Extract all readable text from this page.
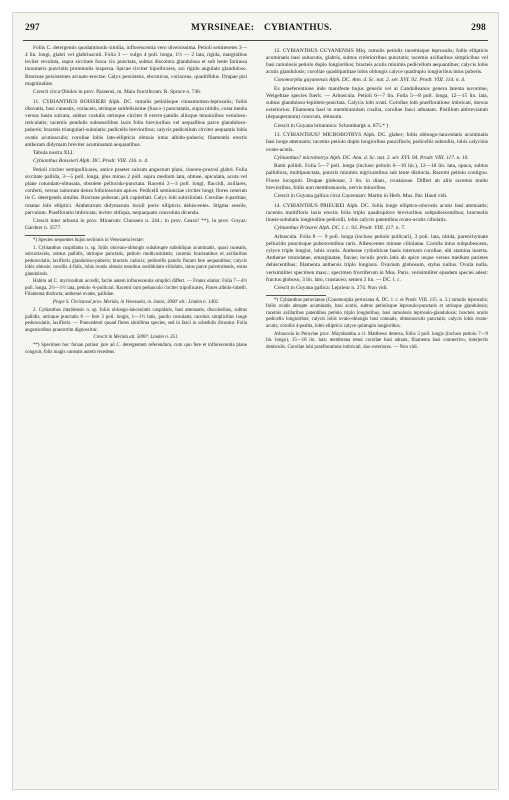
297	MYRSINEAE: CYBIANTHUS.	298

Foliis C. detergentis quodammodo similia, inflorescentia vero diversissima. Petioli semiteretes 3—4 lin. longi, glabri vel glabriusculi. Folia 3 — vulgo 4 poll. longa, 1½ — 2 lata, rigida, marginibus leviter revoluta, supra siccitate fusca vix punctata, subtus discolora glandulosa et sub lente farinosa innumeris punctulis prominulis inspersa. Spicae circiter bipollicares, axi rigido angulato glanduloso. Bracteae persistentes arcuato-erectae. Calyx persistens, ebconicus, coriaceus, quadrifidus. Drupae pisi magnitudine.

Crescit circa Obidos in prov. Paraensi, m. Maio fructiferam: R. Spruce n. 746.

11. CYBIANTHUS BOISSIERI Alph. DC. ramulis petiolisque cinnamomeo-leprosulis; foliis obovatis, basi cuneatis, coriaceis, utrinque subfellsisime (fusco-) punctatatis, supra nitidis, costa media versus basin sulcata, subtus costulis utrinque circiter 8 erecto-patulis aliisque tenuioribus venuloso-reticulatis; racemis pendulis subsessilibus laxis folio brevioribus vel aequalibus parce glanduloso-puberis; bracteis triangulari-subulatis; pedicello brevioribus; calycis pedicellum circiter aequantis lobis ovatis acutiusculis; corollae lobis lato-ellipticis obtusis intus albido-puberis; filamentis erectis antheram didymam breviter acuminatam aequantibus.

Tabula nostra XLI.

Cybianthus Boissieri Alph. DC. Prodr. VIII. 116. n. 4.

Petioli circiter semipollicares, antice praeter sulcum angustum plani, cinereo-prurosi glabri. Folia siccitate pallida, 3—5 poll. longa, plus minus 2 poll. supra medium lata, obtuse, apiculata, acuta vel plane rotundato-obtusata, obsolete pellucido-punctata. Racemi 2—3 poll. longi, flaccidi, axillares, conferti, versus ramorum denes foliolosorum apices. Pedicelli semiunciae circiter longi; flores ceterum iis C. detergentis similes. Bracteae puberae; pili capitellati. Calyx lobi subciliolati. Corollae 4-partitae, rotatae lobi elliptici. Antherarum didymarum loculi porie ellipticis dehiscentes. Stigma sessile, parvulum. Praefloratio imbricata; leviter obliqua, nequaquam convoluta dicenda.

Crescit inter arbusta in prov. Minarum: Claussen n. 244.; in prov. Ceara? **), in prov. Goyaz: Gardner n. 3577.

*) Species sequentes hujus sectionis in Venezuela lectae:

1. Cybianthus cuspidatus n. sp. foliis obovato-oblongis subabrupte subobliquo acuminatis, quasi cuneatis, subcoriaceis, subtus pallidis, utrinque punctatis, petiolo multicostulatis; racemis bracteatibus et axillaribus pedunculatis, laxifloris glanduloso-puberis; bracteis caducis; pedicellis patulis floram fere aequantibus; calycis lobis obtusis; corollis 4-fidis, lobis ovatis obtusis tenuibus sordidulato-ciliolatis, intus parce pulverulentis, extus glandulosis.

Habitu ad C. myricoidum accedit, facile autem inflorescentia simplici differt. — Frutex elatior. Folia 7—4½ poll. longa, 2½—1½ lata, petiolo ¾-pollicari. Racemi cum pedunculo circiter tripollicares. Flores albido-rubelli. Filamenta distincta; antherae ovales, pallidae.

Prope S. Christoval prov. Merida, in Venezuela, m. Junio; 3000' alt.: Linden n. 1402.

2. Cybianthus meridensis n. sp. foliis oblongo-lanceolatis cuspidatis, basi attenuatis, discoloribus, subtus pallidis, utrinque punctatis 8 — fere 3 poll. longis, 1—1½ latis, paullo costulatis; racemis simplicibus longe pedunculatis, laxifloris. — Praecedenti quoad flores simillima species, sed in fasci in schedulis dicuntur. Folia angustioribus praecertim dignoscitur.

Crescit in Merida alt. 5000': Linden n. 351.

**) Specimen hoc forsan potiusr jure ad C. detergentem referendum, cum quo fere et inflorescentia plane congruit, folis magis cuneatis autem recedens.

12. CYBIANTHUS GUYANENSIS Miq. ramulis petiolis racemisque leprosulis; foliis ellipticis acuminatis basi subacutis, glabris, subtus crebriorribus punctatis; racemis axillaribus simplicibus vel basi ramulosis petiolo duplo longioribus; bracteis acutis minimis pedicellum aequantibus; calycis lobis acutis glandulosis; corollae quadripartitae lobis oblongis calyce quadruplo longioribus intus puberis.

Conomorpha guyanensis Alph. DC. Ann. d. Sc. nat. 2. sér. XVI. 92. Prodr. VIII. 114. n. 4.

Ex praeferentione inde manifeste hujus generis vel ai Candolleanus genera latenta novumne, Weigeltiae species fuerit. — Arbuscula. Petioli 6—7 lin. Folia 5—8 poll. longa, 12—15 lin. lata, subtus glanduloso-lepidoto-punctata. Calycis lobi ovati. Corollae lobi praefloratione imbricati, dorsus exteriorius. Filamenta basi in membranulam coalita, corollae fauci adnatam. Pistillum abbreviatum (depauperatum) conicum, obtusum.

Crescit in Guyana britannica: Schomburgk n. 875.* )

13. CYBIANTHUS? MICROBOTRYS Alph. DC. glaber; foliis oblongo-lanceolatis acuminatis basi longe attenuatis; racemis petiolo duplo longioribus paucifloris; pedicellis subnullis, lobis calycinis ovato-acutis.

Cybianthus? microbotrys Alph. DC. Ann. d. Sc. nat. 2. sér. XVI. 94. Prodr. VIII. 117. n. 10.

Rami pollidi. Folia 5—7 poll. longa (incluso petiolo 6—10 lin.), 12—18 lin. lata, opaca, subtus pallidiora, multipunctata, punctis minimis nigricantibus sub lente distincta. Racemi petiolo contiguo. Flores incogniti. Drupae globosae, 3 lin. in diam., crustaceae. Differt ab aliis racemis multo brevioribus, foliis non membranaceis, nervis minoribus.

Crescit in Guyana gallica circa Cayennam: Martin in Herb. Mus. Par. Haud vidi.

14. CYBIANTHUS PRIEUREI Alph. DC. foliis longe elliptico-obovatis acutis basi attenuatis; racemis multifloris laxis erectis folia triplo quadruplove brevioribus subpubescentibus; bracteolis linear-subulatis longitudine pedicelli, lobis calycis patentibus ovato-acutis ciliolatis.

Cybianthus Prieurei Alph. DC. l. c. 93. Prodr. VIII. 117. n. 7.

Arbuscula. Folia 8 — 9 poll. longa (incluso petiolo pollicari), 3 poll. lata, nitida, parenchymate pellucido punctisque pubescentibus raris. Albescentes minute ciliolatae. Corolla intus subpubescens, cylyce triple longior, lobis ovatis. Antherae cylindricae basis internam corollae, ubi stamina inserta. Antherae rotundatae, emarginatae, flavae; loculis porin latis ab apice usque versus medium parietes dehiscentibus; filamenta anthersis triplo longiora. Ovarium globosum, stylus nullus. Ovula nulla, verisimiliter specimen masc.; specimen fructiferum in Mus. Paris. verisimiliter ejusdem speciei adest: fructus globoso, 3 lin. lato, crustaceo; semen 2 lin. — DC. l. c.

Crescit in Guyana gallica: Leprieur n. 274. Non vidi.

*) Cybianthus peruvianus (Conomorpha peruviana A. DC. l. c. et Prodr. VIII. 115. n. 3.) ramulis leprosulis; foliis ovatis abrupte acuminatis, basi acutis, subtus petiolisque leprosulo-punctatis et utrinque glandulosis; racemis axillaribus patentibus petiolo triplo longioribus, basi ramulosis leprosulo-glandulosis; bracteis acutis pedicello longioribus; calycis lobis ovato-oblongis basi connatis, obtusiusculis punctatis; calycis lobis ovato-acutis; corollis 4-partita, lobis ellipticis calyce quintuplo longioribus.

Arbuscula in Peruviae prov. Maynbamba a cl. Matthews detecta, foliis 3 poll. longis (incluso petiolo 7—9 lin. longo), 15—18 lin. lata; membrana tenui corollae basi adnata, filamenta basi connectivo, interjectis denticulis. Corollae lobi praefloratione imbricati, duo exteriores. — Non vidi.
